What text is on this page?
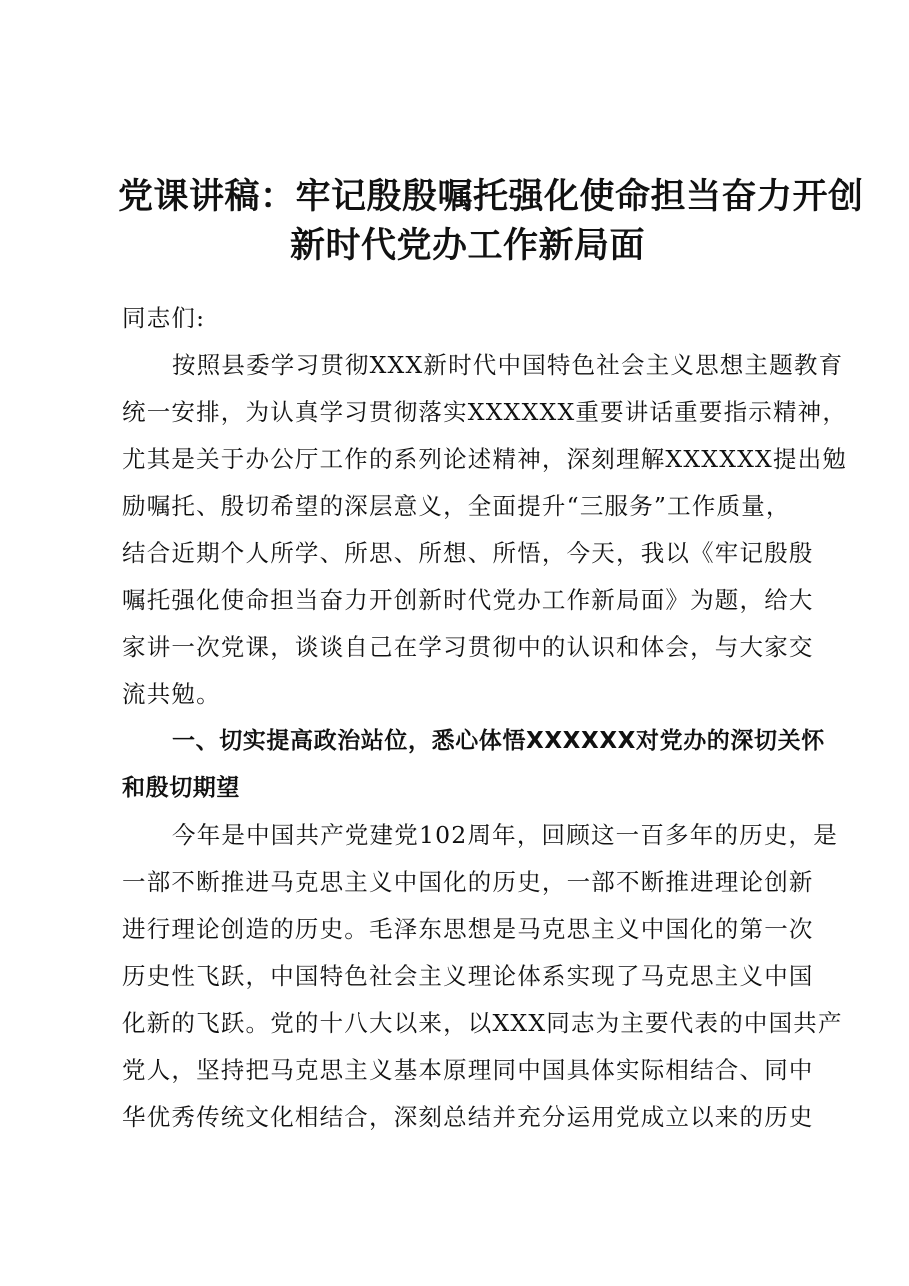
党课讲稿：牢记殷殷嘱托强化使命担当奋力开创
新时代党办工作新局面

同志们:

按照县委学习贯彻XXX新时代中国特色社会主义思想主题教育

统一安排，为认真学习贯彻落实XXXXXX重要讲话重要指示精神，

尤其是关于办公厅工作的系列论述精神，深刻理解XXXXXX提出勉

励嘱托、殷切希望的深层意义，全面提升“三服务”工作质量，

结合近期个人所学、所思、所想、所悟，今天，我以《牢记殷殷

嘱托强化使命担当奋力开创新时代党办工作新局面》为题，给大

家讲一次党课，谈谈自己在学习贯彻中的认识和体会，与大家交

流共勉。

一、切实提高政治站位，悉心体悟XXXXXX对党办的深切关怀

和殷切期望

今年是中国共产党建党102周年，回顾这一百多年的历史，是

一部不断推进马克思主义中国化的历史，一部不断推进理论创新

进行理论创造的历史。毛泽东思想是马克思主义中国化的第一次

历史性飞跃，中国特色社会主义理论体系实现了马克思主义中国

化新的飞跃。党的十八大以来，以XXX同志为主要代表的中国共产

党人，坚持把马克思主义基本原理同中国具体实际相结合、同中

华优秀传统文化相结合，深刻总结并充分运用党成立以来的历史
